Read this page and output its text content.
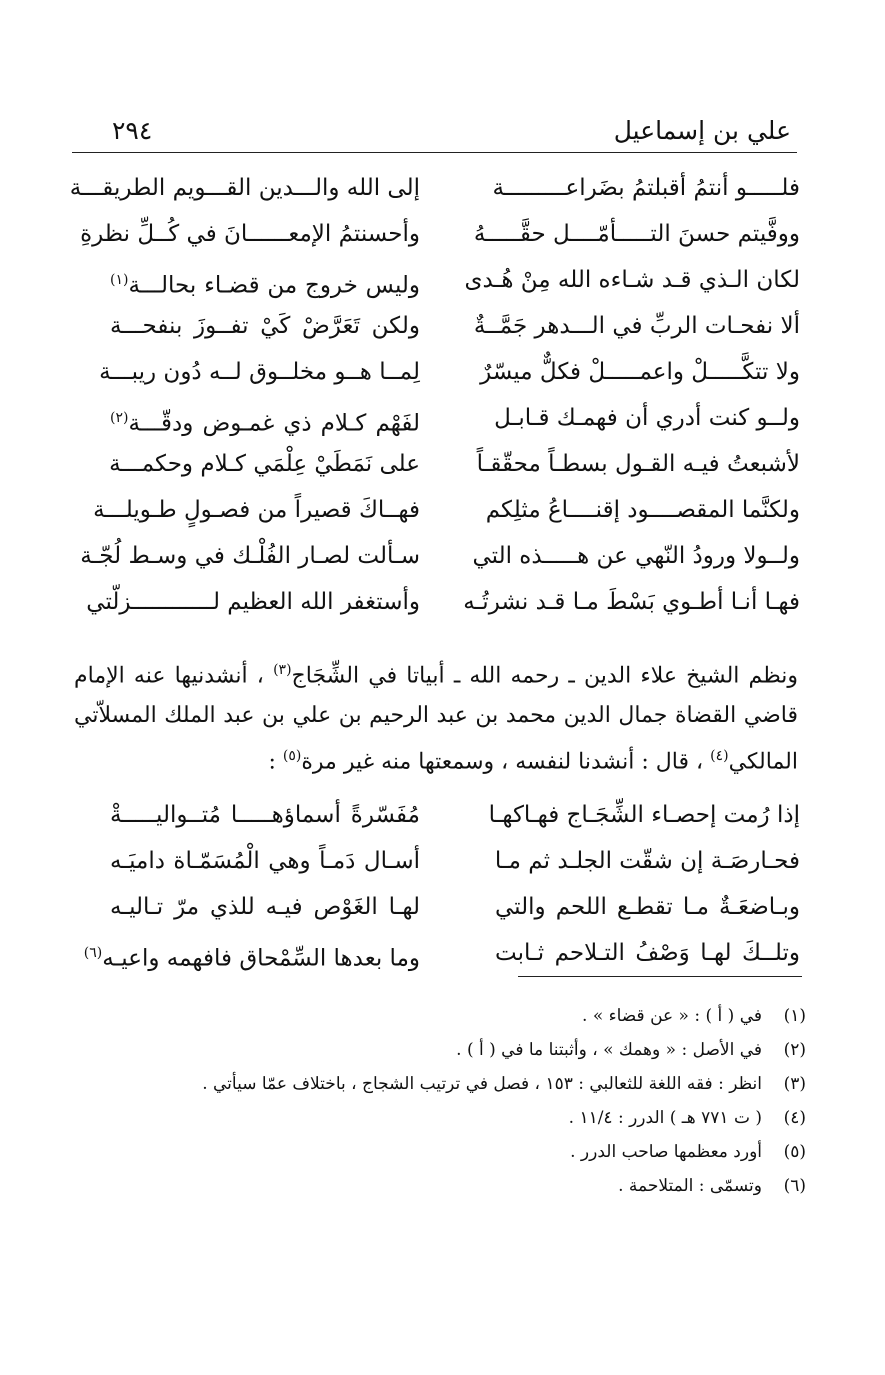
علي بن إسماعيل
٢٩٤
فلـــــو أنتمُ أقبلتمُ بضَراعـــــــــة
إلى الله والـــدين القـــويم الطريقـــة
ووفَّيتم حسنَ التـــــأمّــــل حقَّـــــهُ
وأحسنتمُ الإمعــــــانَ في كُــلِّ نظرةِ
لكان الـذي قـد شـاءه الله مِنْ هُـدى
وليس خروج من قضـاء بحالـــة$^{(١)}$
ألا نفحـات الربِّ في الـــدهر جَمَّــةٌ
ولكن تَعَرَّضْ كَيْ تفــوزَ بنفحـــة
ولا تتكَّـــــلْ واعمـــــلْ فكلٌّ ميسّرٌ
لِمــا هــو مخلــوق لــه دُون ريبـــة
ولــو كنت أدري أن فهمـك قـابـل
لفَهْم كـلام ذي غمـوض ودقّـــة$^{(٢)}$
لأشبعتُ فيـه القـول بسطـاً محقّقـاً
على نَمَطَيْ عِلْمَي كـلام وحكمـــة
ولكنَّما المقصــــود إقنــــاعُ مثلِكم
فهــاكَ قصيراً من فصـولٍ طـويلـــة
ولــولا ورودُ النّهي عن هـــــذه التي
سـألت لصـار الفُلْـك في وسـط لُجّـة
فهـا أنـا أطـوي بَسْطَ مـا قـد نشرتُـه
وأستغفر الله العظيم لــــــــــــزلّتي

ونظم الشيخ علاء الدين ـ رحمه الله ـ أبياتا في الشِّجَاج$^{(٣)}$ ، أنشدنيها عنه الإمام قاضي القضاة جمال الدين محمد بن عبد الرحيم بن علي بن عبد الملك المسلاّتي المالكي$^{(٤)}$ ، قال : أنشدنا لنفسه ، وسمعتها منه غير مرة$^{(٥)}$ :

إذا رُمت إحصـاء الشِّجَـاج فهـاكهـا
مُفَسّرةً أسماؤهـــــا مُتــواليـــــةْ
فحـارصَـة إن شقّت الجلـد ثم مـا
أسـال دَمـاً وهي الْمُسَمّـاة داميَـه
وبـاضعَـةٌ مـا تقطـع اللحم والتي
لهـا الغَوْص فيـه للذي مرّ تـاليـه
وتلــكَ لهـا وَصْفُ التـلاحم ثـابت
وما بعدها السِّمْحاق فافهمه واعيـه$^{(٦)}$
(١)في ( أ ) : « عن قضاء » .
(٢)في الأصل : « وهمك » ، وأثبتنا ما في ( أ ) .
(٣)انظر : فقه اللغة للثعالبي : ١٥٣ ، فصل في ترتيب الشجاج ، باختلاف عمّا سيأتي .
(٤)( ت ٧٧١ هـ ) الدرر : ١١/٤ .
(٥)أورد معظمها صاحب الدرر .
(٦)وتسمّى : المتلاحمة .
